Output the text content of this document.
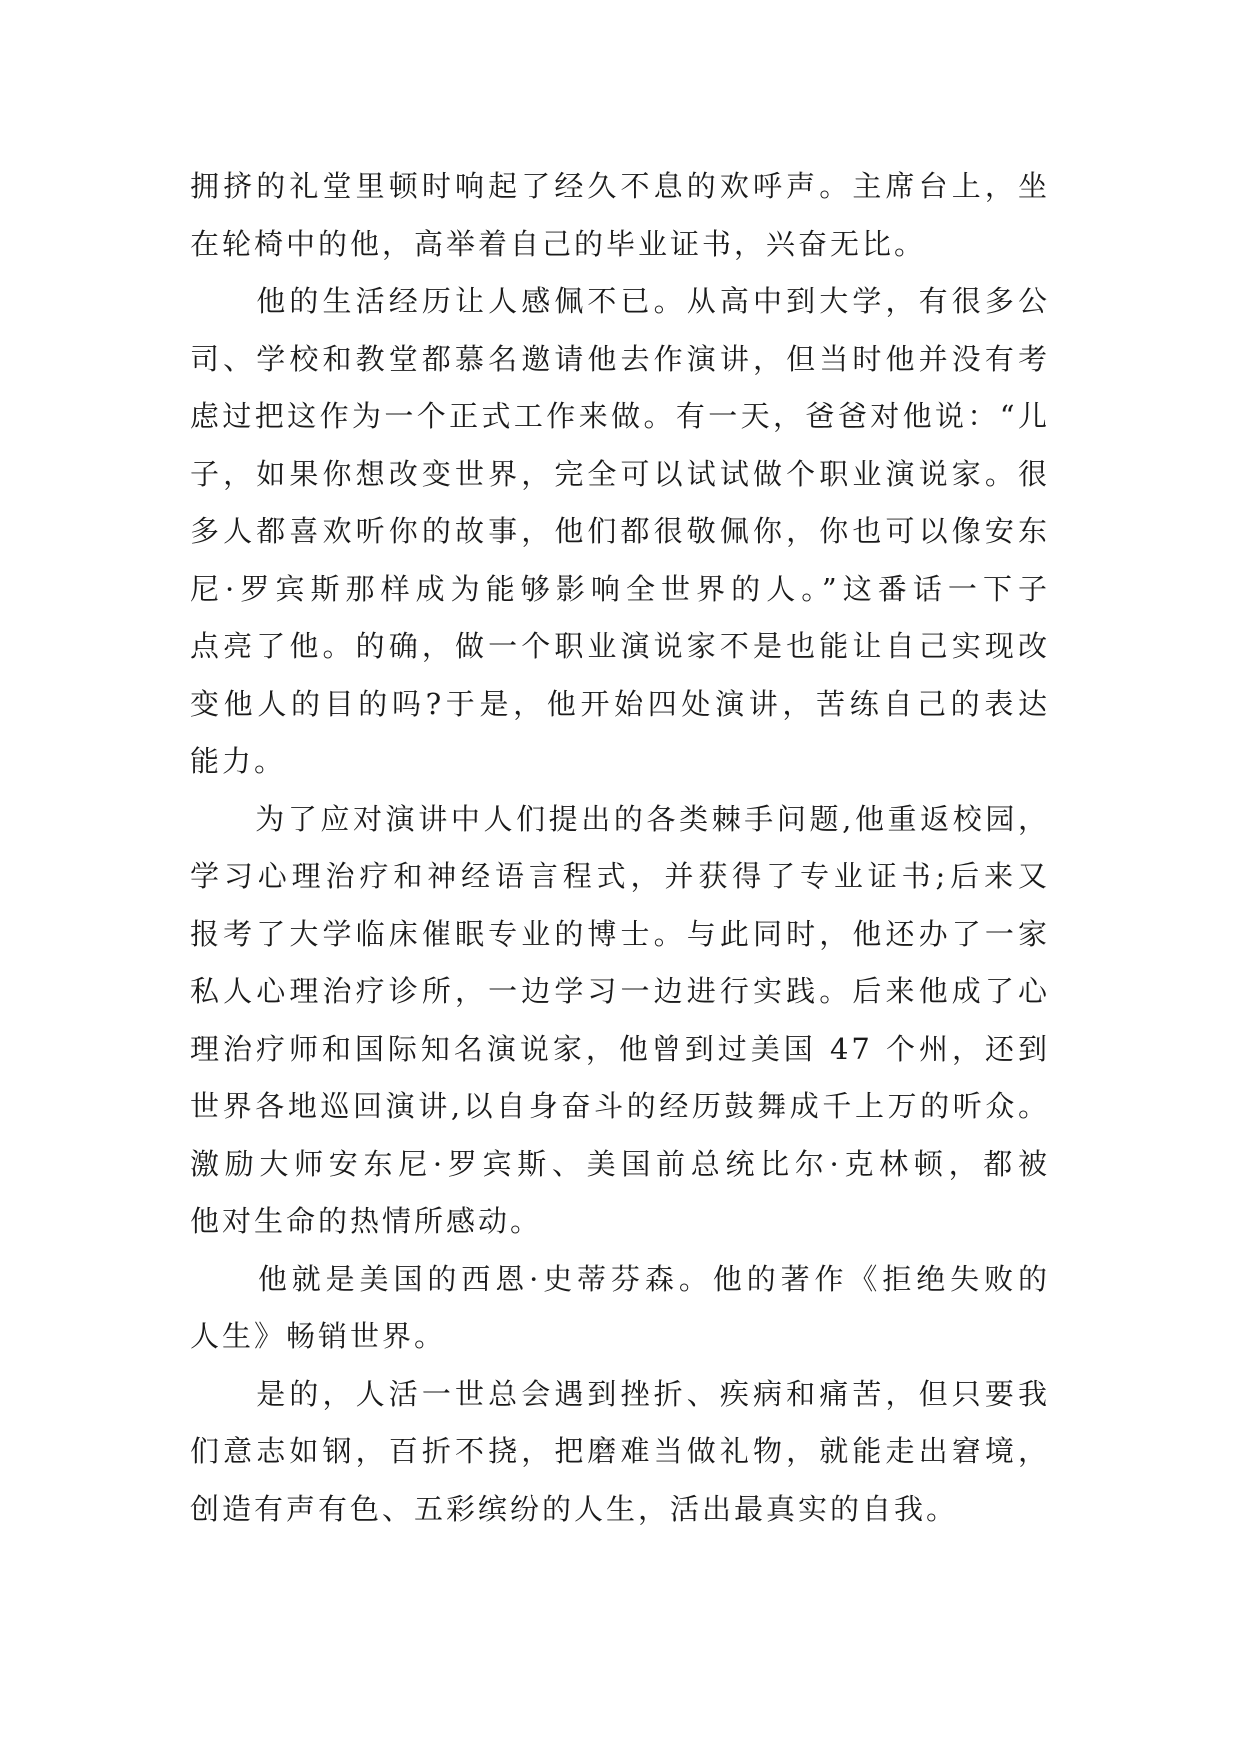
拥挤的礼堂里顿时响起了经久不息的欢呼声。主席台上，坐
在轮椅中的他，高举着自己的毕业证书，兴奋无比。
　　他的生活经历让人感佩不已。从高中到大学，有很多公
司、学校和教堂都慕名邀请他去作演讲，但当时他并没有考
虑过把这作为一个正式工作来做。有一天，爸爸对他说：“儿
子，如果你想改变世界，完全可以试试做个职业演说家。很
多人都喜欢听你的故事，他们都很敬佩你，你也可以像安东
尼·罗宾斯那样成为能够影响全世界的人。”这番话一下子
点亮了他。的确，做一个职业演说家不是也能让自己实现改
变他人的目的吗?于是，他开始四处演讲，苦练自己的表达
能力。
　　为了应对演讲中人们提出的各类棘手问题,他重返校园，
学习心理治疗和神经语言程式，并获得了专业证书;后来又
报考了大学临床催眠专业的博士。与此同时，他还办了一家
私人心理治疗诊所，一边学习一边进行实践。后来他成了心
理治疗师和国际知名演说家，他曾到过美国 47 个州，还到
世界各地巡回演讲,以自身奋斗的经历鼓舞成千上万的听众。
激励大师安东尼·罗宾斯、美国前总统比尔·克林顿，都被
他对生命的热情所感动。
　　他就是美国的西恩·史蒂芬森。他的著作《拒绝失败的
人生》畅销世界。
　　是的，人活一世总会遇到挫折、疾病和痛苦，但只要我
们意志如钢，百折不挠，把磨难当做礼物，就能走出窘境，
创造有声有色、五彩缤纷的人生，活出最真实的自我。
